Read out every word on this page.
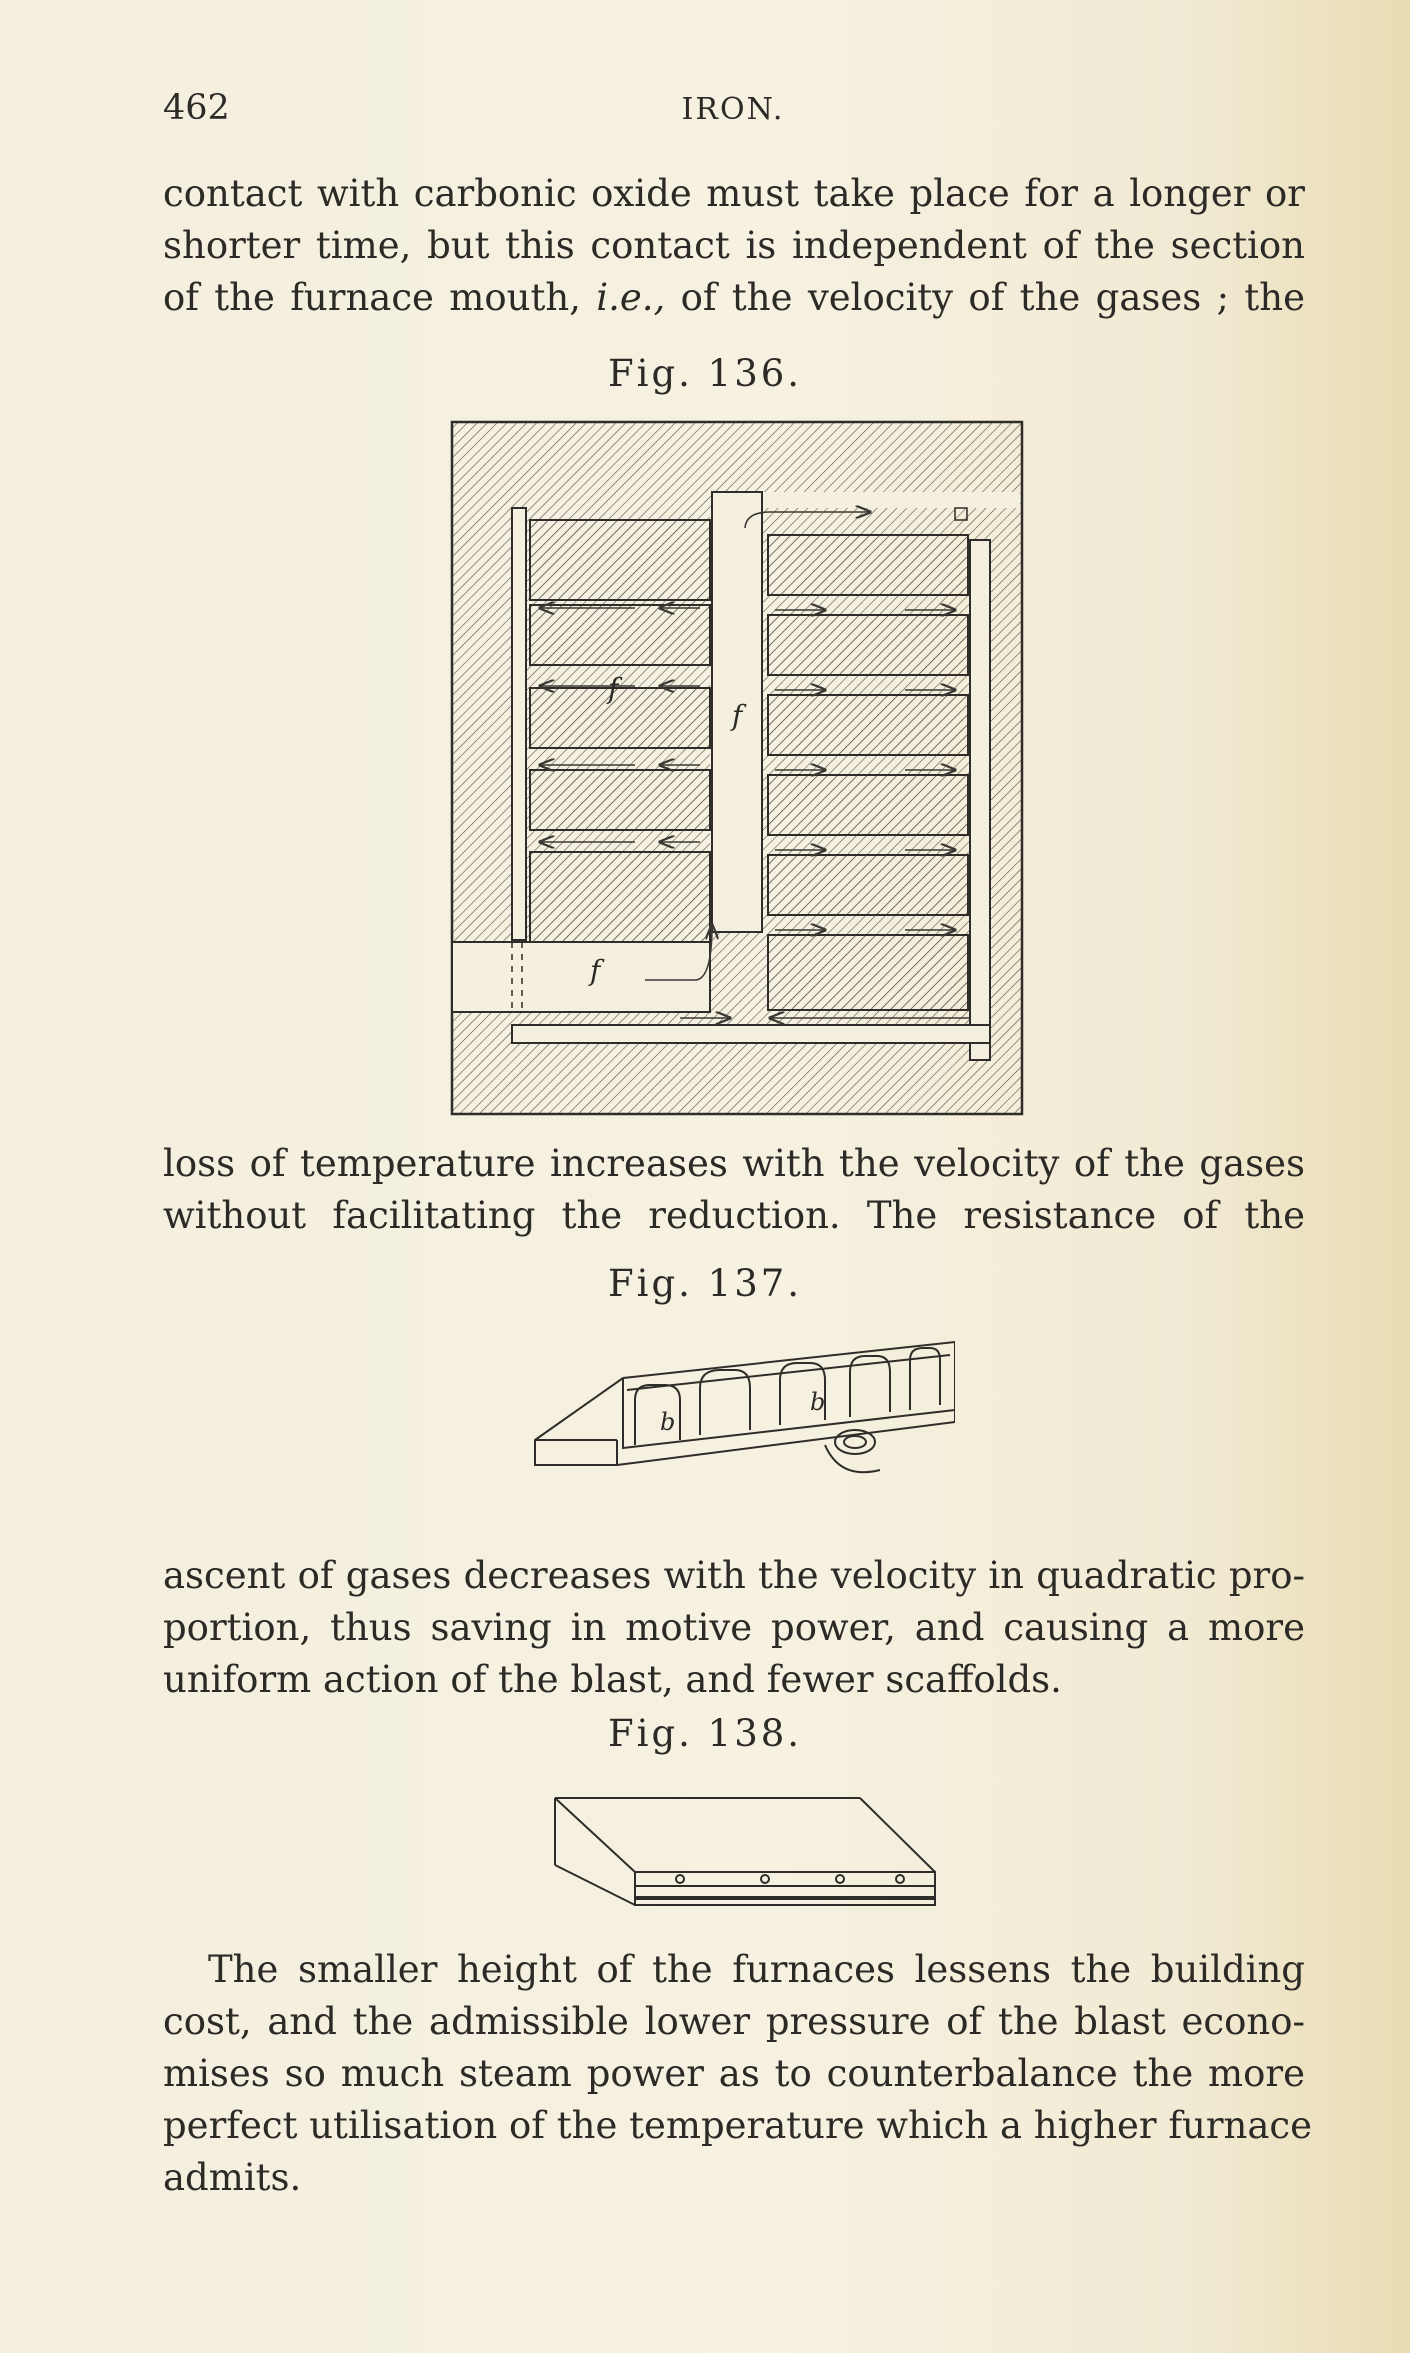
462	IRON.
contact with carbonic oxide must take place for a longer or
shorter time, but this contact is independent of the section
of the furnace mouth, i.e., of the velocity of the gases ; the

Fig. 136.

f
f
f
loss of temperature increases with the velocity of the gases
without facilitating the reduction. The resistance of the

Fig. 137.

b
b
ascent of gases decreases with the velocity in quadratic pro-
portion, thus saving in motive power, and causing a more
uniform action of the blast, and fewer scaffolds.

Fig. 138.

The smaller height of the furnaces lessens the building
cost, and the admissible lower pressure of the blast econo-
mises so much steam power as to counterbalance the more
perfect utilisation of the temperature which a higher furnace
admits.
